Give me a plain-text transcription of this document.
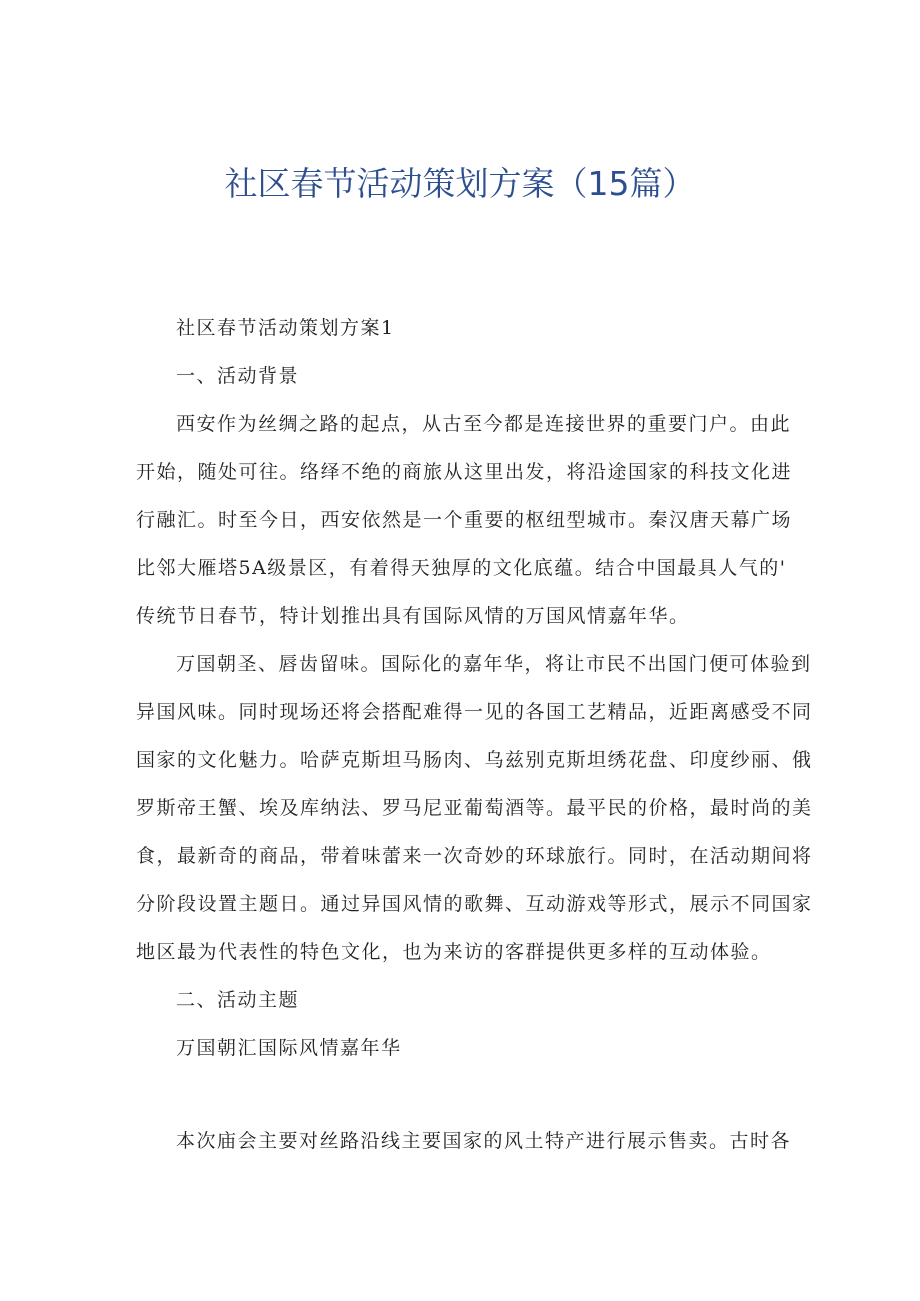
社区春节活动策划方案（15篇）
社区春节活动策划方案1
一、活动背景
西安作为丝绸之路的起点，从古至今都是连接世界的重要门户。由此
开始，随处可往。络绎不绝的商旅从这里出发，将沿途国家的科技文化进
行融汇。时至今日，西安依然是一个重要的枢纽型城市。秦汉唐天幕广场
比邻大雁塔5A级景区，有着得天独厚的文化底蕴。结合中国最具人气的'
传统节日春节，特计划推出具有国际风情的万国风情嘉年华。
万国朝圣、唇齿留味。国际化的嘉年华，将让市民不出国门便可体验到
异国风味。同时现场还将会搭配难得一见的各国工艺精品，近距离感受不同
国家的文化魅力。哈萨克斯坦马肠肉、乌兹别克斯坦绣花盘、印度纱丽、俄
罗斯帝王蟹、埃及库纳法、罗马尼亚葡萄酒等。最平民的价格，最时尚的美
食，最新奇的商品，带着味蕾来一次奇妙的环球旅行。同时，在活动期间将
分阶段设置主题日。通过异国风情的歌舞、互动游戏等形式，展示不同国家
地区最为代表性的特色文化，也为来访的客群提供更多样的互动体验。
二、活动主题
万国朝汇国际风情嘉年华
本次庙会主要对丝路沿线主要国家的风土特产进行展示售卖。古时各
